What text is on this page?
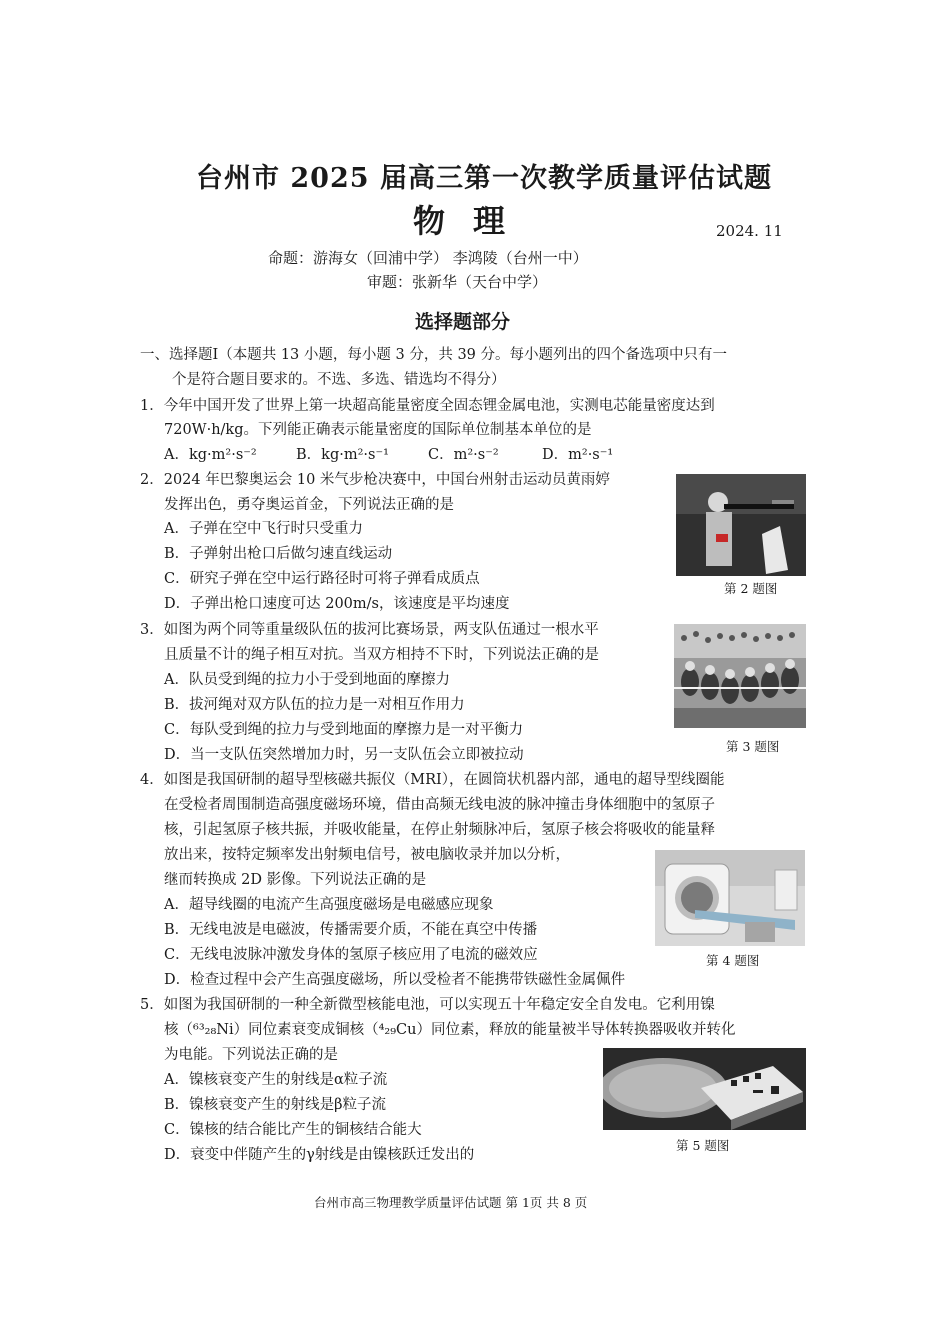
台州市 2025 届高三第一次教学质量评估试题
物理	2024. 11
命题：游海女（回浦中学） 李鸿陵（台州一中）
审题：张新华（天台中学）
选择题部分
一、选择题Ⅰ（本题共 13 小题，每小题 3 分，共 39 分。每小题列出的四个备选项中只有一
个是符合题目要求的。不选、多选、错选均不得分）
1．今年中国开发了世界上第一块超高能量密度全固态锂金属电池，实测电芯能量密度达到
720W·h/kg。下列能正确表示能量密度的国际单位制基本单位的是
A．kg·m²·s⁻²	B．kg·m²·s⁻¹	C．m²·s⁻²	D．m²·s⁻¹
2．2024 年巴黎奥运会 10 米气步枪决赛中，中国台州射击运动员黄雨婷
发挥出色，勇夺奥运首金，下列说法正确的是
A．子弹在空中飞行时只受重力
B．子弹射出枪口后做匀速直线运动
C．研究子弹在空中运行路径时可将子弹看成质点
D．子弹出枪口速度可达 200m/s，该速度是平均速度
第 2 题图
3．如图为两个同等重量级队伍的拔河比赛场景，两支队伍通过一根水平
且质量不计的绳子相互对抗。当双方相持不下时，下列说法正确的是
A．队员受到绳的拉力小于受到地面的摩擦力
B．拔河绳对双方队伍的拉力是一对相互作用力
C．每队受到绳的拉力与受到地面的摩擦力是一对平衡力
D．当一支队伍突然增加力时，另一支队伍会立即被拉动
第 3 题图
4．如图是我国研制的超导型核磁共振仪（MRI），在圆筒状机器内部，通电的超导型线圈能
在受检者周围制造高强度磁场环境，借由高频无线电波的脉冲撞击身体细胞中的氢原子
核，引起氢原子核共振，并吸收能量，在停止射频脉冲后，氢原子核会将吸收的能量释
放出来，按特定频率发出射频电信号，被电脑收录并加以分析，
继而转换成 2D 影像。下列说法正确的是
A．超导线圈的电流产生高强度磁场是电磁感应现象
B．无线电波是电磁波，传播需要介质，不能在真空中传播
C．无线电波脉冲激发身体的氢原子核应用了电流的磁效应
D．检查过程中会产生高强度磁场，所以受检者不能携带铁磁性金属佩件
第 4 题图
5．如图为我国研制的一种全新微型核能电池，可以实现五十年稳定安全自发电。它利用镍
核（⁶³₂₈Ni）同位素衰变成铜核（⁴₂₉Cu）同位素，释放的能量被半导体转换器吸收并转化
为电能。下列说法正确的是
A．镍核衰变产生的射线是α粒子流
B．镍核衰变产生的射线是β粒子流
C．镍核的结合能比产生的铜核结合能大
D．衰变中伴随产生的γ射线是由镍核跃迁发出的
第 5 题图
台州市高三物理教学质量评估试题 第 1页 共 8 页
